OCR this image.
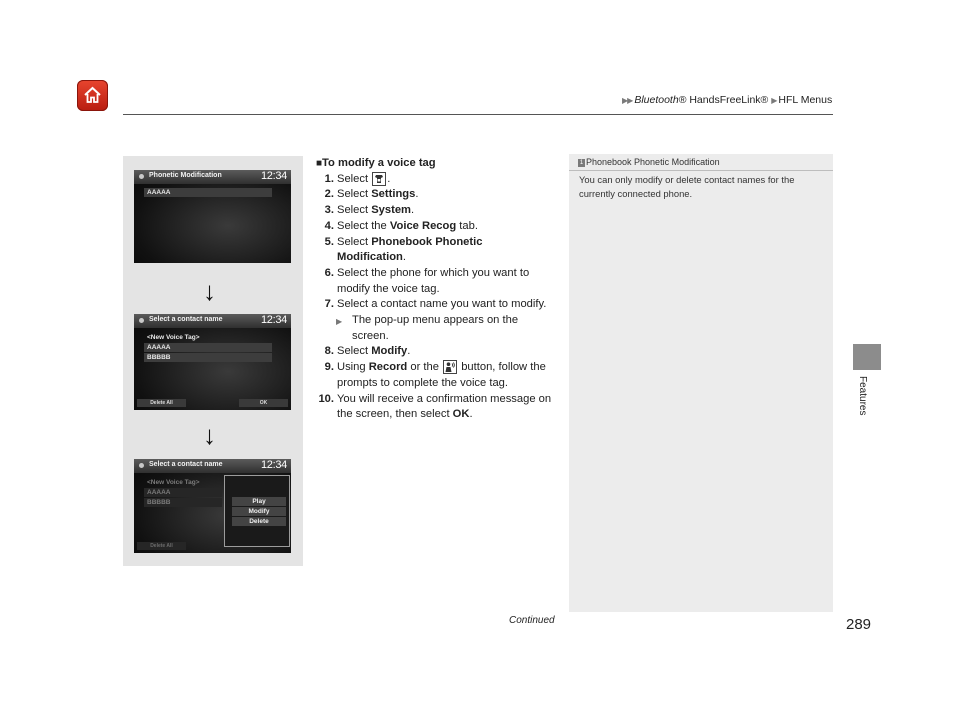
▶▶ Bluetooth® HandsFreeLink® ▶ HFL Menus
Features
Phonetic Modification	12:34
AAAAA
↓
Select a contact name	12:34
<New Voice Tag>
AAAAA
BBBBB
Delete All	OK
↓
Select a contact name	12:34
<New Voice Tag>
AAAAA
BBBBB
Delete All
Play
Modify
Delete
■To modify a voice tag
1. Select .
2. Select Settings.
3. Select System.
4. Select the Voice Recog tab.
5. Select Phonebook Phonetic Modification.
6. Select the phone for which you want to modify the voice tag.
7. Select a contact name you want to modify.
▶ The pop-up menu appears on the screen.
8. Select Modify.
9. Using Record or the  button, follow the prompts to complete the voice tag.
10. You will receive a confirmation message on the screen, then select OK.
1 Phonebook Phonetic Modification
You can only modify or delete contact names for the currently connected phone.
Continued	289
